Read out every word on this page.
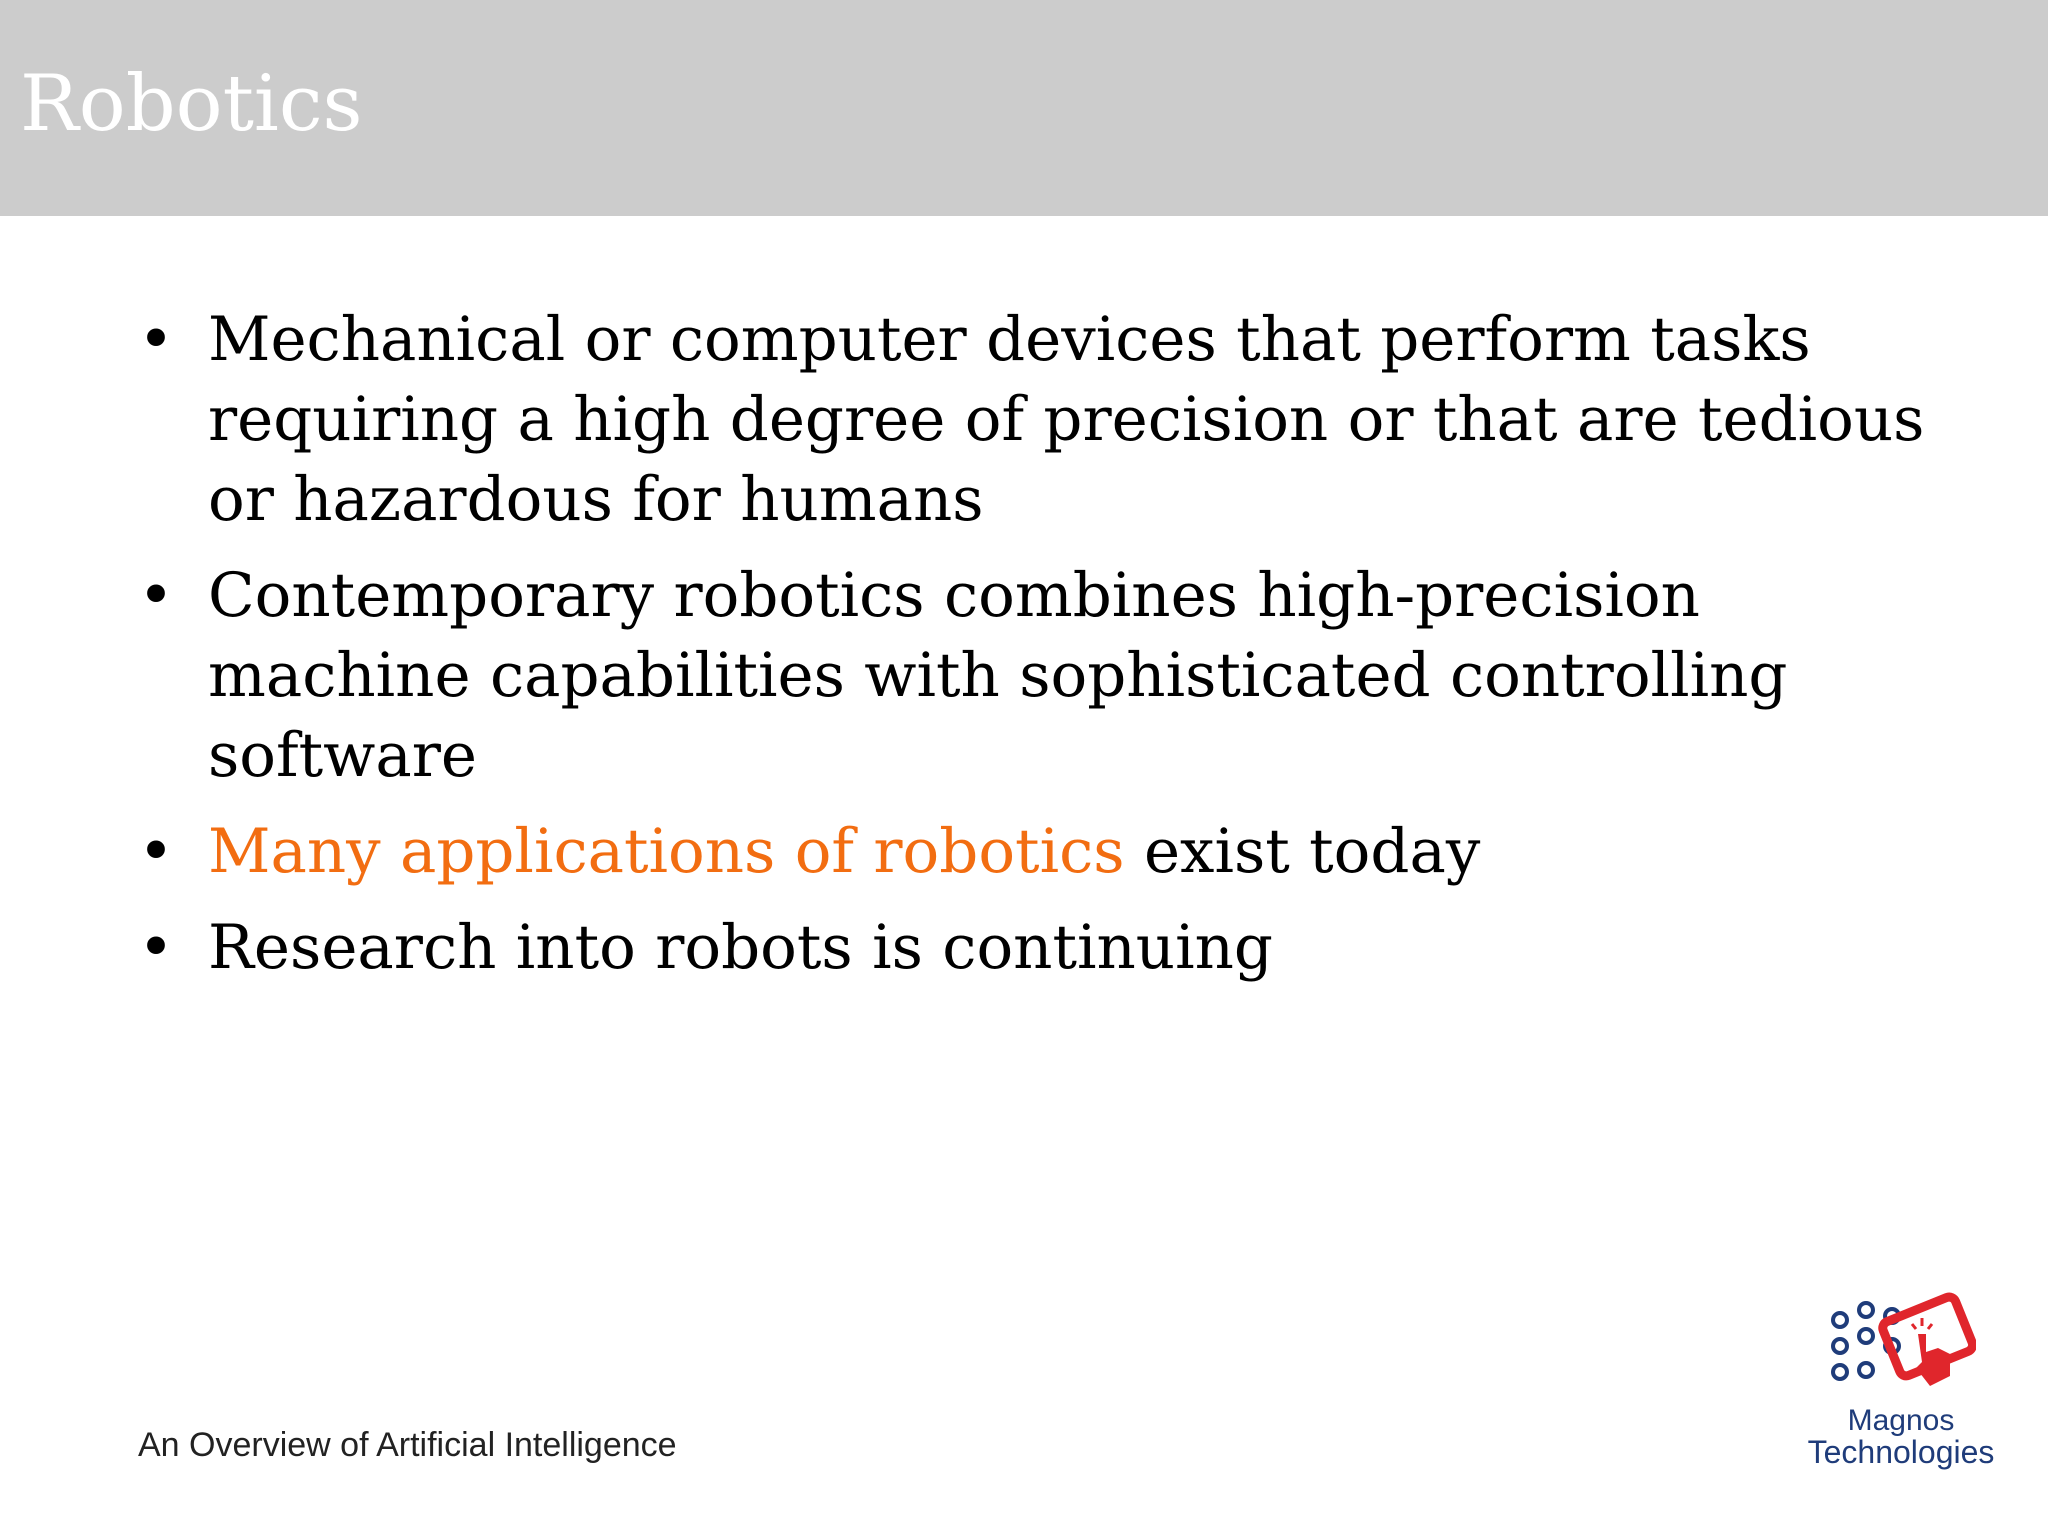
Robotics
• Mechanical or computer devices that perform tasks requiring a high degree of precision or that are tedious or hazardous for humans
• Contemporary robotics combines high-precision machine capabilities with sophisticated controlling software
• Many applications of robotics exist today
• Research into robots is continuing
An Overview of Artificial Intelligence
Magnos
Technologies
